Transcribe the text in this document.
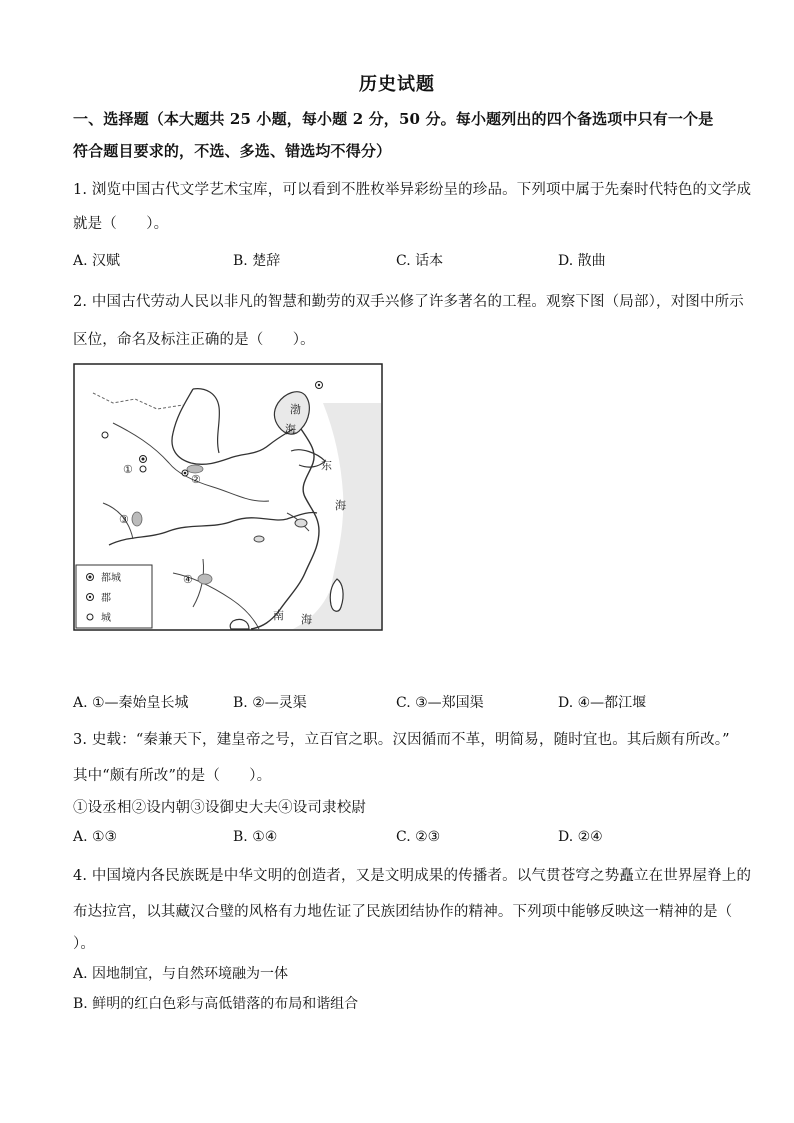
历史试题
一、选择题（本大题共 25 小题，每小题 2 分，50 分。每小题列出的四个备选项中只有一个是
符合题目要求的，不选、多选、错选均不得分）
1. 浏览中国古代文学艺术宝库，可以看到不胜枚举异彩纷呈的珍品。下列项中属于先秦时代特色的文学成
就是（　　）。
A. 汉赋	B. 楚辞	C. 话本	D. 散曲
2. 中国古代劳动人民以非凡的智慧和勤劳的双手兴修了许多著名的工程。观察下图（局部），对图中所示
区位，命名及标注正确的是（　　）。
渤
海
东
海
南 海
①
②
③
④
都城
郡
城
A. ①—秦始皇长城	B. ②—灵渠	C. ③—郑国渠	D. ④—都江堰
3. 史载：“秦兼天下，建皇帝之号，立百官之职。汉因循而不革，明简易，随时宜也。其后颇有所改。”
其中“颇有所改”的是（　　）。
①设丞相②设内朝③设御史大夫④设司隶校尉
A. ①③	B. ①④	C. ②③	D. ②④
4. 中国境内各民族既是中华文明的创造者，又是文明成果的传播者。以气贯苍穹之势矗立在世界屋脊上的
布达拉宫，以其藏汉合璧的风格有力地佐证了民族团结协作的精神。下列项中能够反映这一精神的是（
）。
A. 因地制宜，与自然环境融为一体
B. 鲜明的红白色彩与高低错落的布局和谐组合
